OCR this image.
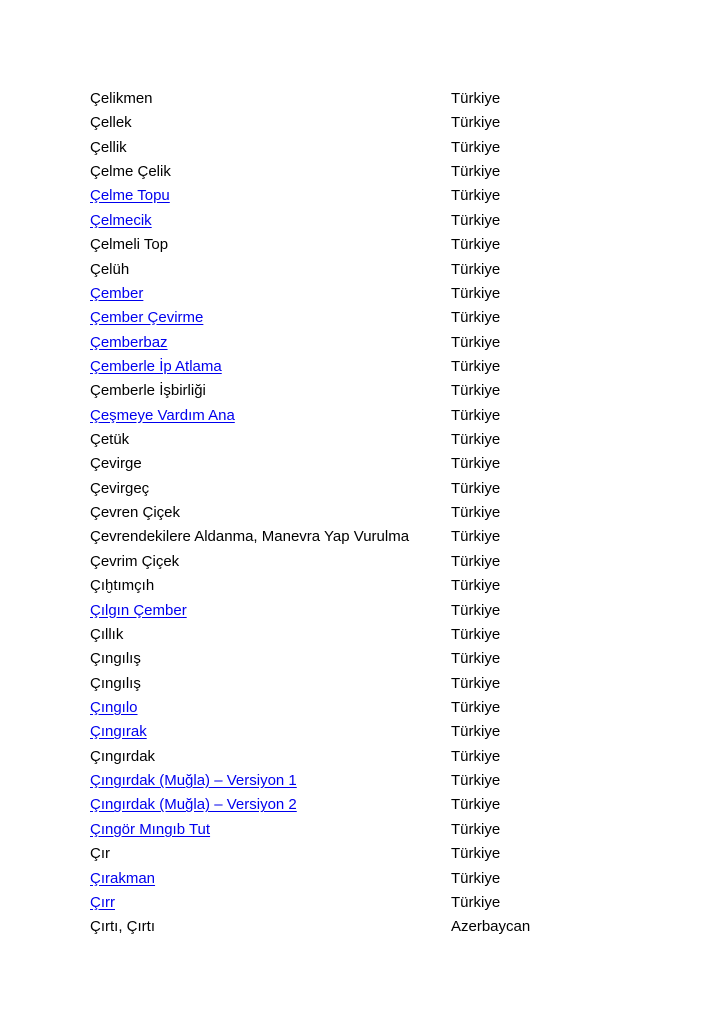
Çelikmen	Türkiye
Çellek	Türkiye
Çellik	Türkiye
Çelme Çelik	Türkiye
Çelme Topu	Türkiye
Çelmecik	Türkiye
Çelmeli Top	Türkiye
Çelüh	Türkiye
Çember	Türkiye
Çember Çevirme	Türkiye
Çemberbaz	Türkiye
Çemberle İp Atlama	Türkiye
Çemberle İşbirliği	Türkiye
Çeşmeye Vardım Ana	Türkiye
Çetük	Türkiye
Çevirge	Türkiye
Çevirgeç	Türkiye
Çevren Çiçek	Türkiye
Çevrendekilere Aldanma, Manevra Yap Vurulma	Türkiye
Çevrim Çiçek	Türkiye
Çıḫtımçıh	Türkiye
Çılgın Çember	Türkiye
Çıllık	Türkiye
Çıngılış	Türkiye
Çıngılış	Türkiye
Çıngılo	Türkiye
Çıngırak	Türkiye
Çıngırdak	Türkiye
Çıngırdak (Muğla) – Versiyon 1	Türkiye
Çıngırdak (Muğla) – Versiyon 2	Türkiye
Çıngör Mıngıb Tut	Türkiye
Çır	Türkiye
Çırakman	Türkiye
Çırr	Türkiye
Çırtı, Çırtı	Azerbaycan
